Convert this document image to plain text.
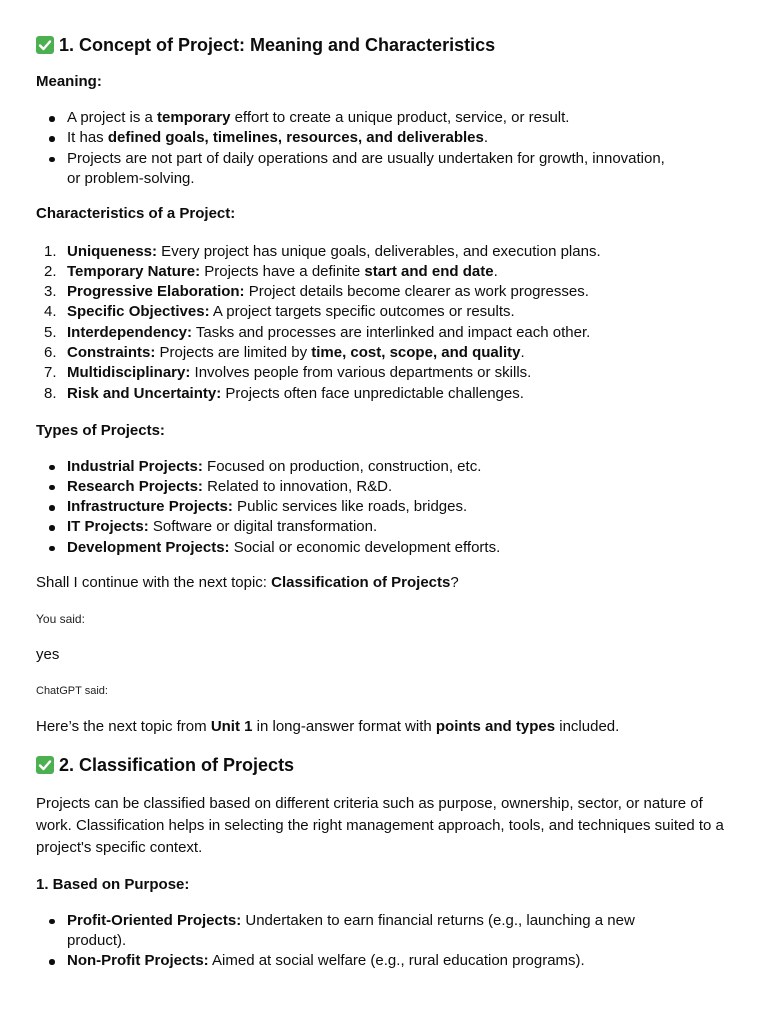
1. Concept of Project: Meaning and Characteristics
Meaning:
A project is a temporary effort to create a unique product, service, or result.
It has defined goals, timelines, resources, and deliverables.
Projects are not part of daily operations and are usually undertaken for growth, innovation, or problem-solving.
Characteristics of a Project:
1. Uniqueness: Every project has unique goals, deliverables, and execution plans.
2. Temporary Nature: Projects have a definite start and end date.
3. Progressive Elaboration: Project details become clearer as work progresses.
4. Specific Objectives: A project targets specific outcomes or results.
5. Interdependency: Tasks and processes are interlinked and impact each other.
6. Constraints: Projects are limited by time, cost, scope, and quality.
7. Multidisciplinary: Involves people from various departments or skills.
8. Risk and Uncertainty: Projects often face unpredictable challenges.
Types of Projects:
Industrial Projects: Focused on production, construction, etc.
Research Projects: Related to innovation, R&D.
Infrastructure Projects: Public services like roads, bridges.
IT Projects: Software or digital transformation.
Development Projects: Social or economic development efforts.
Shall I continue with the next topic: Classification of Projects?
You said:
yes
ChatGPT said:
Here’s the next topic from Unit 1 in long-answer format with points and types included.
2. Classification of Projects
Projects can be classified based on different criteria such as purpose, ownership, sector, or nature of work. Classification helps in selecting the right management approach, tools, and techniques suited to a project's specific context.
1. Based on Purpose:
Profit-Oriented Projects: Undertaken to earn financial returns (e.g., launching a new product).
Non-Profit Projects: Aimed at social welfare (e.g., rural education programs).
